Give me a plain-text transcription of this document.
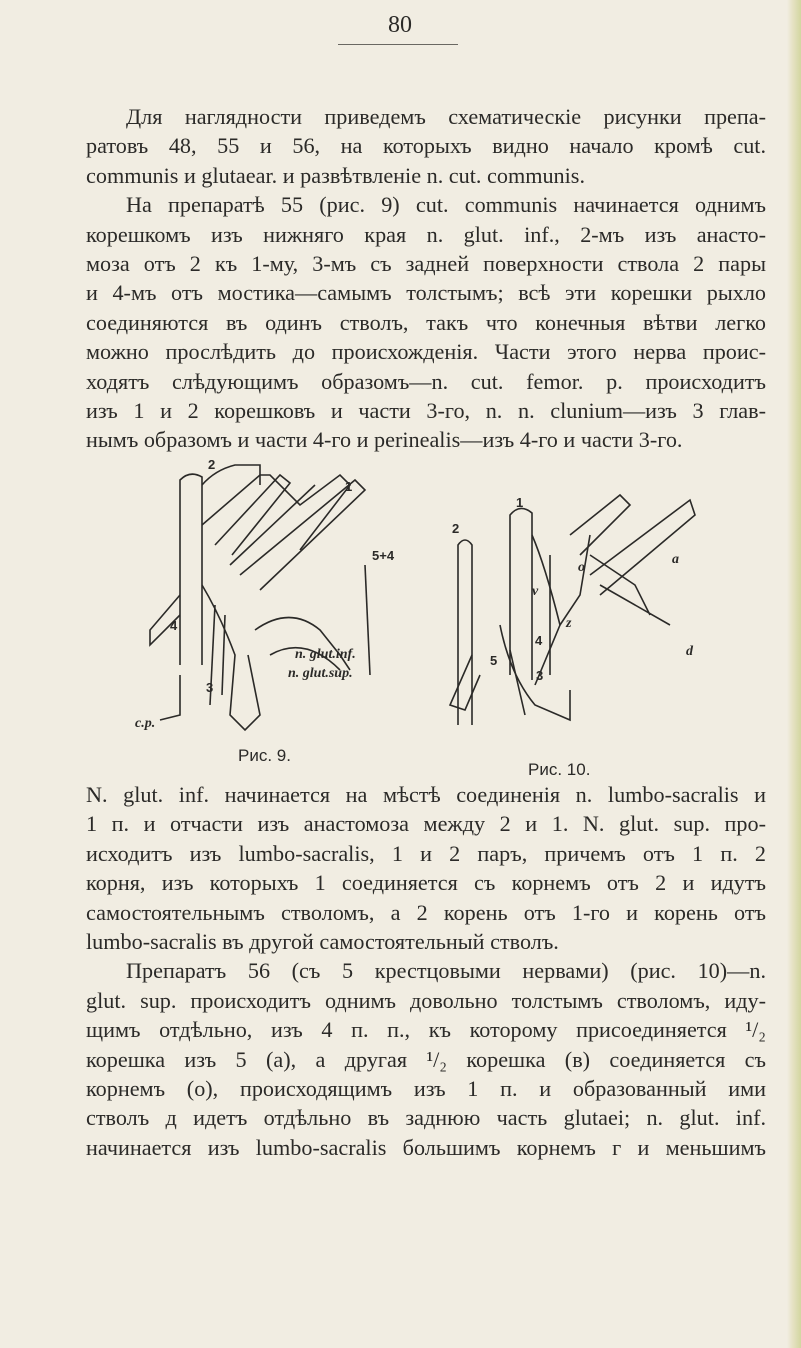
80
Для наглядности приведемъ схематическіе рисунки препа-
ратовъ 48, 55 и 56, на которыхъ видно начало кромѣ cut.
communis и glutaear. и развѣтвленіе n. cut. communis.
На препаратѣ 55 (рис. 9) cut. communis начинается однимъ
корешкомъ изъ нижняго края n. glut. inf., 2-мъ изъ анасто-
моза отъ 2 къ 1-му, 3-мъ съ задней поверхности ствола 2 пары
и 4-мъ отъ мостика—самымъ толстымъ; всѣ эти корешки рыхло
соединяются въ одинъ стволъ, такъ что конечныя вѣтви легко
можно прослѣдить до происхожденія. Части этого нерва проис-
ходятъ слѣдующимъ образомъ—n. cut. femor. p. происходитъ
изъ 1 и 2 корешковъ и части 3-го, n. n. clunium—изъ 3 глав-
нымъ образомъ и части 4-го и perinealis—изъ 4-го и части 3-го.
2
1
5+4
3
4
n. glut.inf.
n. glut.sup.
c.p.
Рис. 9.
1
2
o
a
v
z
4
5
3
d
Рис. 10.
N. glut. inf. начинается на мѣстѣ соединенія n. lumbo-sacralis и
1 п. и отчасти изъ анастомоза между 2 и 1. N. glut. sup. про-
исходитъ изъ lumbo-sacralis, 1 и 2 паръ, причемъ отъ 1 п. 2
корня, изъ которыхъ 1 соединяется съ корнемъ отъ 2 и идутъ
самостоятельнымъ стволомъ, а 2 корень отъ 1-го и корень отъ
lumbo-sacralis въ другой самостоятельный стволъ.
Препаратъ 56 (съ 5 крестцовыми нервами) (рис. 10)—n.
glut. sup. происходитъ однимъ довольно толстымъ стволомъ, иду-
щимъ отдѣльно, изъ 4 п. п., къ которому присоединяется ¹/₂
корешка изъ 5 (а), а другая ¹/₂ корешка (в) соединяется съ
корнемъ (о), происходящимъ изъ 1 п. и образованный ими
стволъ д идетъ отдѣльно въ заднюю часть glutaei; n. glut. inf.
начинается изъ lumbo-sacralis большимъ корнемъ г и меньшимъ
